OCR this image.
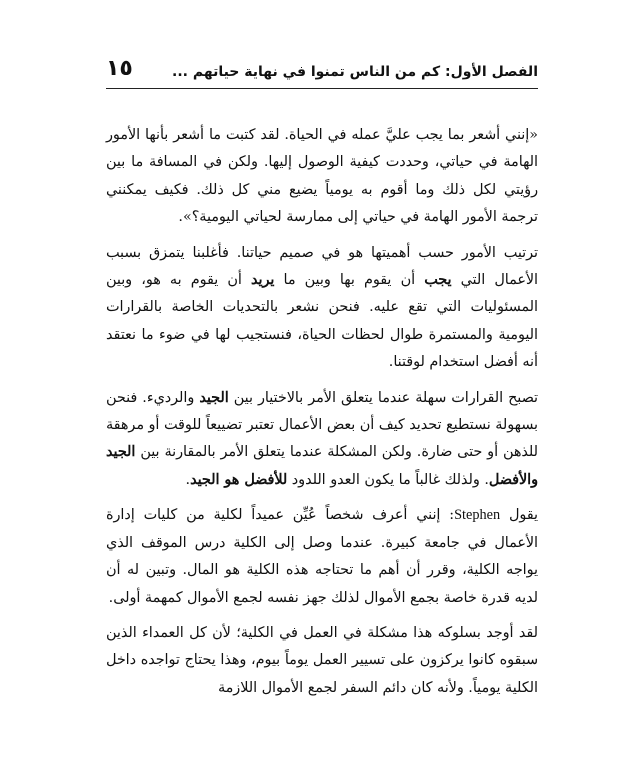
الفصل الأول: كم من الناس تمنوا في نهاية حياتهم ...
١٥

«إنني أشعر بما يجب عليَّ عمله في الحياة. لقد كتبت ما أشعر بأنها الأمور الهامة في حياتي، وحددت كيفية الوصول إليها. ولكن في المسافة ما بين رؤيتي لكل ذلك وما أقوم به يومياً يضيع مني كل ذلك. فكيف يمكنني ترجمة الأمور الهامة في حياتي إلى ممارسة لحياتي اليومية؟».

ترتيب الأمور حسب أهميتها هو في صميم حياتنا. فأغلبنا يتمزق بسبب الأعمال التي يجب أن يقوم بها وبين ما يريد أن يقوم به هو، وبين المسئوليات التي تقع عليه. فنحن نشعر بالتحديات الخاصة بالقرارات اليومية والمستمرة طوال لحظات الحياة، فنستجيب لها في ضوء ما نعتقد أنه أفضل استخدام لوقتنا.

تصبح القرارات سهلة عندما يتعلق الأمر بالاختيار بين الجيد والرديء. فنحن بسهولة نستطيع تحديد كيف أن بعض الأعمال تعتبر تضييعاً للوقت أو مرهقة للذهن أو حتى ضارة. ولكن المشكلة عندما يتعلق الأمر بالمقارنة بين الجيد والأفضل. ولذلك غالباً ما يكون العدو اللدود للأفضل هو الجيد.

يقول Stephen: إنني أعرف شخصاً عُيِّن عميداً لكلية من كليات إدارة الأعمال في جامعة كبيرة. عندما وصل إلى الكلية درس الموقف الذي يواجه الكلية، وقرر أن أهم ما تحتاجه هذه الكلية هو المال. وتبين له أن لديه قدرة خاصة بجمع الأموال لذلك جهز نفسه لجمع الأموال كمهمة أولى.

لقد أوجد بسلوكه هذا مشكلة في العمل في الكلية؛ لأن كل العمداء الذين سبقوه كانوا يركزون على تسيير العمل يوماً بيوم، وهذا يحتاج تواجده داخل الكلية يومياً. ولأنه كان دائم السفر لجمع الأموال اللازمة
